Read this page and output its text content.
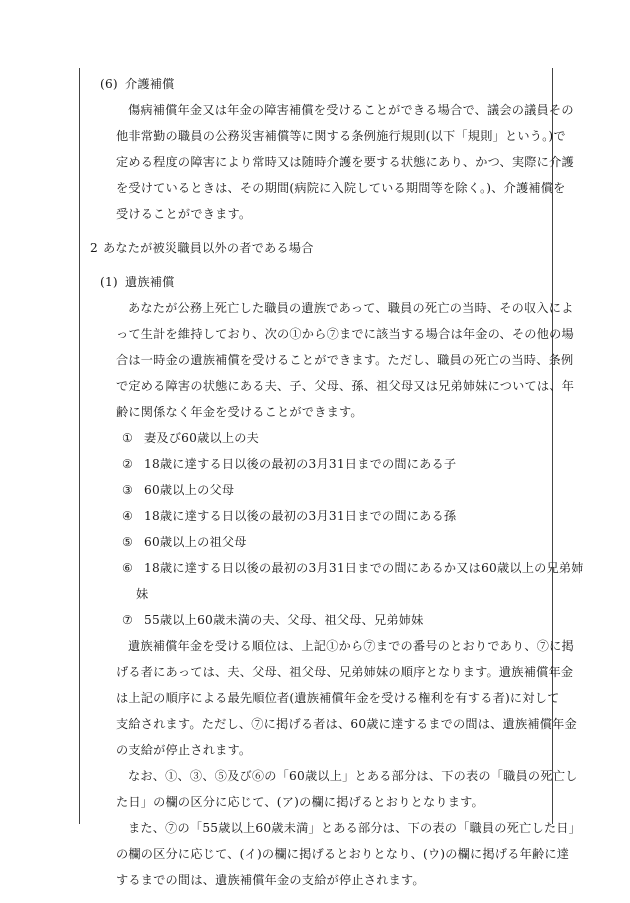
(6) 介護補償
傷病補償年金又は年金の障害補償を受けることができる場合で、議会の議員その
他非常勤の職員の公務災害補償等に関する条例施行規則(以下「規則」という。)で
定める程度の障害により常時又は随時介護を要する状態にあり、かつ、実際に介護
を受けているときは、その期間(病院に入院している期間等を除く。)、介護補償を
受けることができます。
2 あなたが被災職員以外の者である場合
(1) 遺族補償
あなたが公務上死亡した職員の遺族であって、職員の死亡の当時、その収入によ
って生計を維持しており、次の①から⑦までに該当する場合は年金の、その他の場
合は一時金の遺族補償を受けることができます。ただし、職員の死亡の当時、条例
で定める障害の状態にある夫、子、父母、孫、祖父母又は兄弟姉妹については、年
齢に関係なく年金を受けることができます。
① 妻及び60歳以上の夫
② 18歳に達する日以後の最初の3月31日までの間にある子
③ 60歳以上の父母
④ 18歳に達する日以後の最初の3月31日までの間にある孫
⑤ 60歳以上の祖父母
⑥ 18歳に達する日以後の最初の3月31日までの間にあるか又は60歳以上の兄弟姉
妹
⑦ 55歳以上60歳未満の夫、父母、祖父母、兄弟姉妹
遺族補償年金を受ける順位は、上記①から⑦までの番号のとおりであり、⑦に掲
げる者にあっては、夫、父母、祖父母、兄弟姉妹の順序となります。遺族補償年金
は上記の順序による最先順位者(遺族補償年金を受ける権利を有する者)に対して
支給されます。ただし、⑦に掲げる者は、60歳に達するまでの間は、遺族補償年金
の支給が停止されます。
なお、①、③、⑤及び⑥の「60歳以上」とある部分は、下の表の「職員の死亡し
た日」の欄の区分に応じて、(ア)の欄に掲げるとおりとなります。
また、⑦の「55歳以上60歳未満」とある部分は、下の表の「職員の死亡した日」
の欄の区分に応じて、(イ)の欄に掲げるとおりとなり、(ウ)の欄に掲げる年齢に達
するまでの間は、遺族補償年金の支給が停止されます。
